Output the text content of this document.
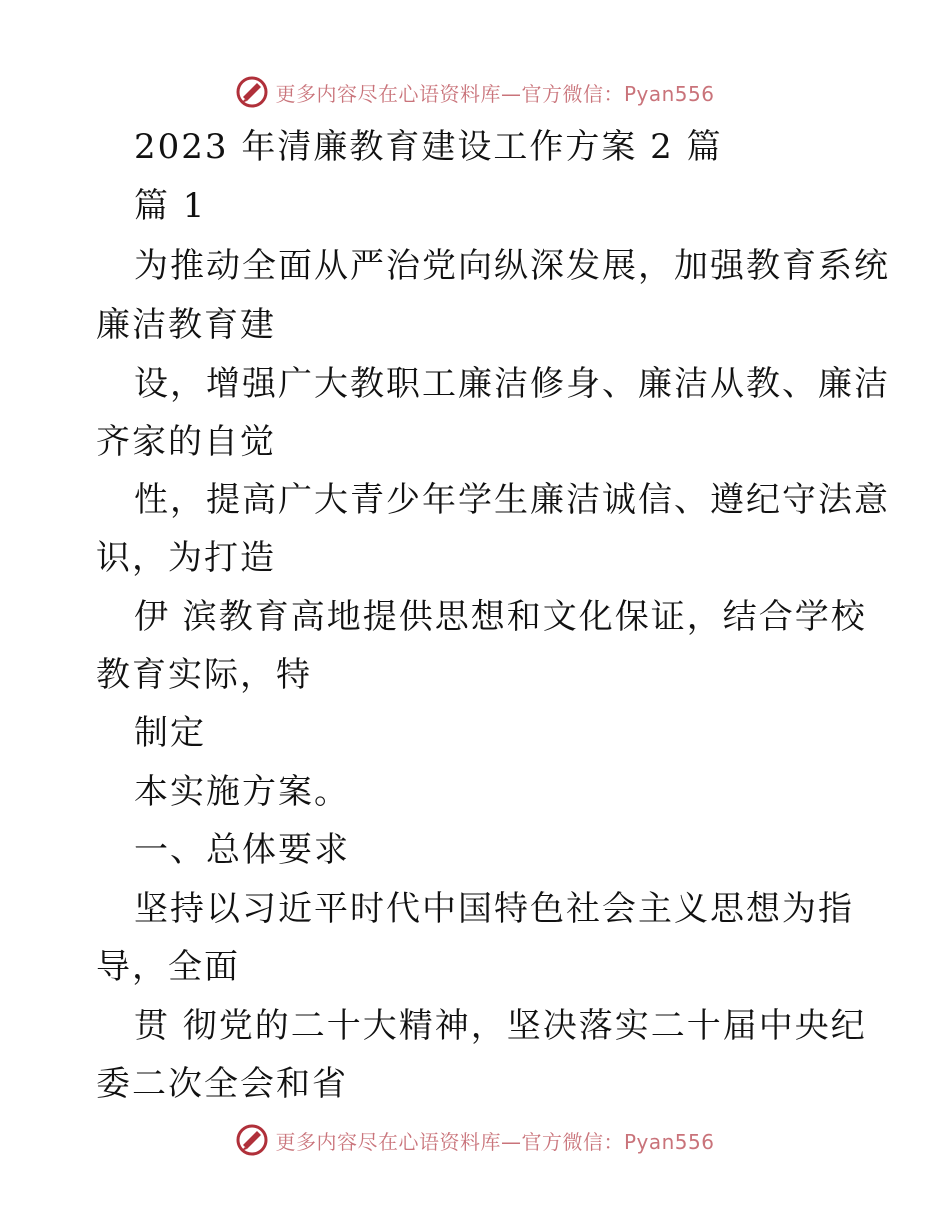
更多内容尽在心语资料库—官方微信：Pyan556
2023 年清廉教育建设工作方案 2 篇
篇 1
为推动全面从严治党向纵深发展，加强教育系统
廉洁教育建
设，增强广大教职工廉洁修身、廉洁从教、廉洁
齐家的自觉
性，提高广大青少年学生廉洁诚信、遵纪守法意
识，为打造
伊 滨教育高地提供思想和文化保证，结合学校
教育实际，特
制定
本实施方案。
一、总体要求
坚持以习近平时代中国特色社会主义思想为指
导，全面
贯 彻党的二十大精神，坚决落实二十届中央纪
委二次全会和省
更多内容尽在心语资料库—官方微信：Pyan556
